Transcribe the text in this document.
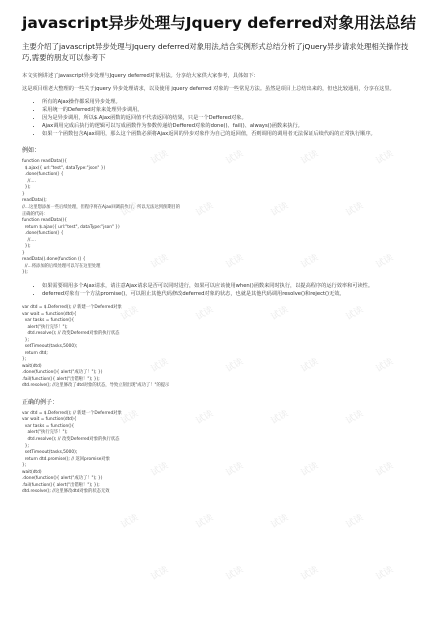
javascript异步处理与Jquery deferred对象用法总结

主要介绍了javascript异步处理与Jquery deferred对象用法,结合实例形式总结分析了jQuery异步请求处理相关操作技巧,需要的朋友可以参考下

本文实例讲述了javascript异步处理与Jquery deferred对象用法。分享给大家供大家参考，具体如下：

这是项目组老大整理的一些关于jquery 异步处理请求，以及使用 jquery deferred 对象的一些常见方法。虽然是项目上总结出来的，但也比较通用，分享在这里。

• 所有的Ajax操作都采用异步处理。
• 采用统一的Deferred对象来处理异步调用。
• 因为是异步调用，所以$.Ajax函数的返回值不代表返回的结果，只是一个Deffered对象。
• Ajax调用完成后执行的逻辑可以写成函数作为参数传递给Deffered对象的done()、fail()、always()函数来执行。
• 如果一个函数包含Ajax调用，那么这个函数必须将Ajax返回的异步对象作为自己的返回值，否则调用的调用者无法保证后续代码的正常执行顺序。
例如：
function readData(){
$.ajax({ url:"test", dataType:"json" })
.done(function() {
//....
});
}
readData();
//...这里想添加一些后续处理，但程序将在Ajax回调前执行，所以无法达到预期目的
正确的代码：
function readData(){
return $.ajax({ url:"test", dataType:"json" })
.done(function() {
//....
});
}
readData().done(function () {
//...将添加的后续处理可以写在这里处理
});
• 如果需要调用多个Ajax请求，请注意Ajax请求是否可以同时进行，如果可以应该使用when()函数来同时执行，以提高程序的运行效率和可读性。
• deferred对象有一个方法promise()，可以阻止其他代码修改deferred对象的状态，也就是其他代码调用resolve()和reject()无效。
var dtd = $.Deferred(); // 新建一个Deferred对象
var wait = function(dtd){
var tasks = function(){
alert("执行完毕！");
dtd.resolve(); // 改变Deferred对象的执行状态
};
setTimeout(tasks,5000);
return dtd;
};
wait(dtd)
.done(function(){ alert("成功了！"); })
.fail(function(){ alert("出错啦！"); });
dtd.resolve(); //这里修改了dtd对象的状态，导致立刻出现"成功了！"的提示
正确的例子：
var dtd = $.Deferred(); // 新建一个Deferred对象
var wait = function(dtd){
var tasks = function(){
alert("执行完毕！");
dtd.resolve(); // 改变Deferred对象的执行状态
};
setTimeout(tasks,5000);
return dtd.promise(); // 返回promise对象
};
wait(dtd)
.done(function(){ alert("成功了！"); })
.fail(function(){ alert("出错啦！"); });
dtd.resolve(); //这里修改dtd对象的状态无效
试读	试读	试读	试读
试读	试读	试读	试读
试读	试读	试读	试读
试读	试读	试读	试读
试读	试读	试读	试读
试读	试读	试读	试读
试读	试读	试读	试读
试读	试读	试读	试读
试读	试读	试读	试读
